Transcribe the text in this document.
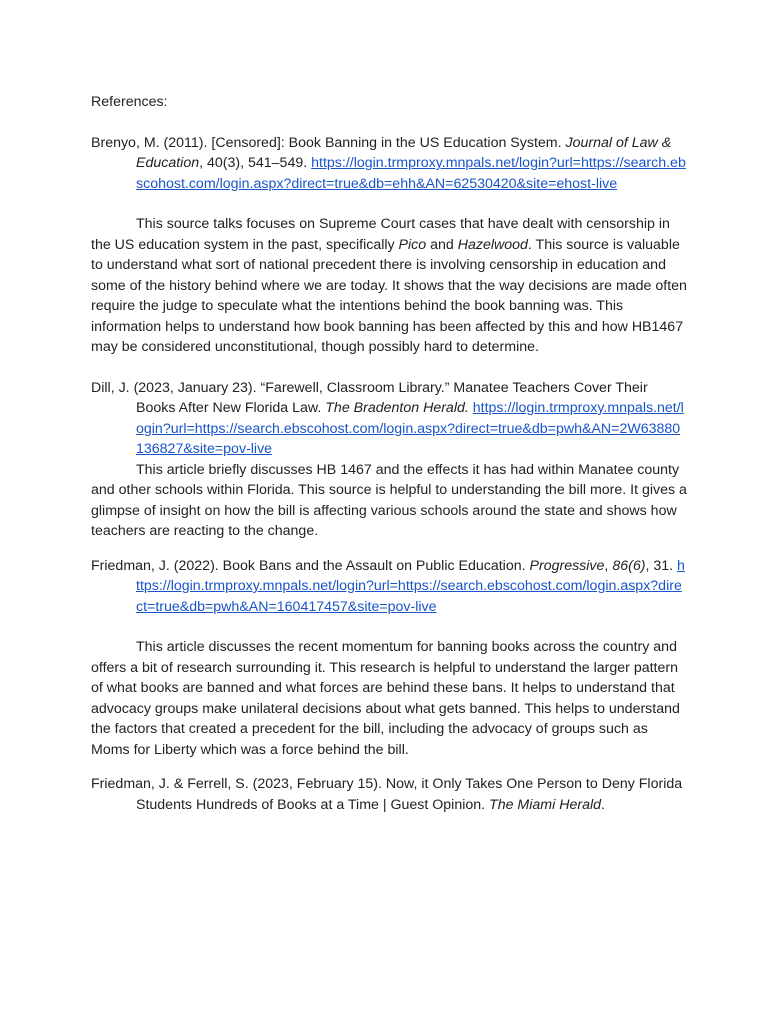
References:

Brenyo, M. (2011). [Censored]: Book Banning in the US Education System. Journal of Law & Education, 40(3), 541–549. https://login.trmproxy.mnpals.net/login?url=https://search.ebscohost.com/login.aspx?direct=true&db=ehh&AN=62530420&site=ehost-live

This source talks focuses on Supreme Court cases that have dealt with censorship in the US education system in the past, specifically Pico and Hazelwood. This source is valuable to understand what sort of national precedent there is involving censorship in education and some of the history behind where we are today. It shows that the way decisions are made often require the judge to speculate what the intentions behind the book banning was. This information helps to understand how book banning has been affected by this and how HB1467 may be considered unconstitutional, though possibly hard to determine.

Dill, J. (2023, January 23). “Farewell, Classroom Library.” Manatee Teachers Cover Their Books After New Florida Law. The Bradenton Herald. https://login.trmproxy.mnpals.net/login?url=https://search.ebscohost.com/login.aspx?direct=true&db=pwh&AN=2W63880136827&site=pov-live

This article briefly discusses HB 1467 and the effects it has had within Manatee county and other schools within Florida. This source is helpful to understanding the bill more. It gives a glimpse of insight on how the bill is affecting various schools around the state and shows how teachers are reacting to the change.

Friedman, J. (2022). Book Bans and the Assault on Public Education. Progressive, 86(6), 31. https://login.trmproxy.mnpals.net/login?url=https://search.ebscohost.com/login.aspx?direct=true&db=pwh&AN=160417457&site=pov-live

This article discusses the recent momentum for banning books across the country and offers a bit of research surrounding it. This research is helpful to understand the larger pattern of what books are banned and what forces are behind these bans. It helps to understand that advocacy groups make unilateral decisions about what gets banned. This helps to understand the factors that created a precedent for the bill, including the advocacy of groups such as Moms for Liberty which was a force behind the bill.

Friedman, J. & Ferrell, S. (2023, February 15). Now, it Only Takes One Person to Deny Florida Students Hundreds of Books at a Time | Guest Opinion. The Miami Herald.
